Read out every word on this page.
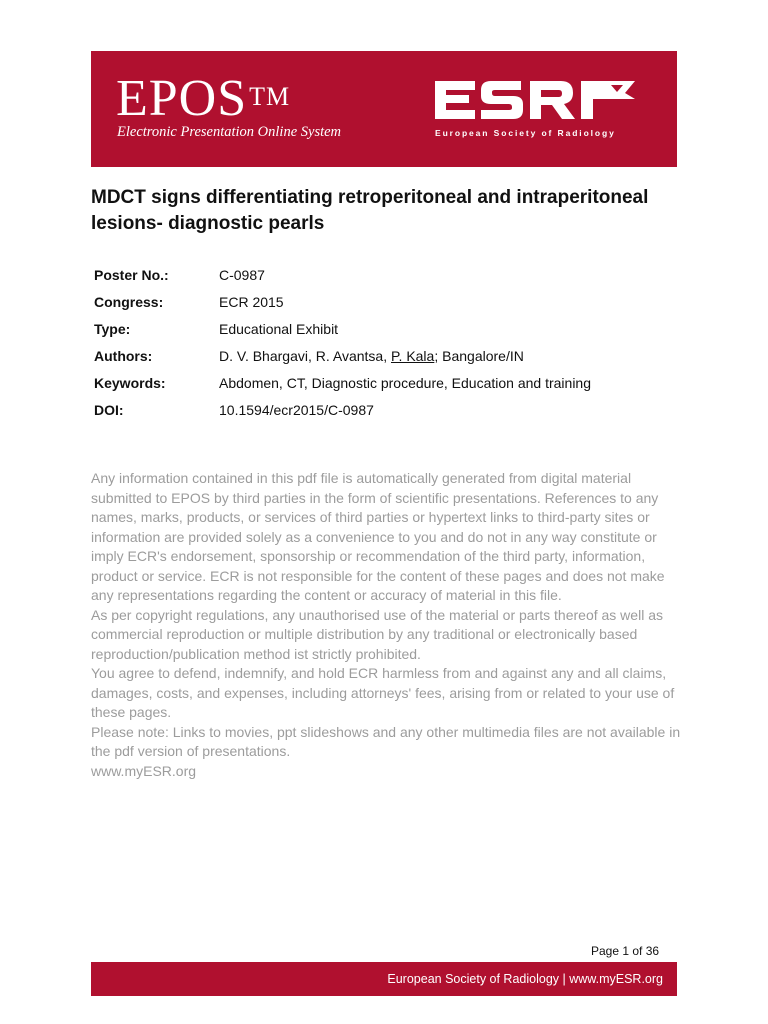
EPOS™
Electronic Presentation Online System	European Society of Radiology
MDCT signs differentiating retroperitoneal and intraperitoneal lesions- diagnostic pearls
Poster No.:	C-0987
Congress:	ECR 2015
Type:	Educational Exhibit
Authors:	D. V. Bhargavi, R. Avantsa, P. Kala; Bangalore/IN
Keywords:	Abdomen, CT, Diagnostic procedure, Education and training
DOI:	10.1594/ecr2015/C-0987

Any information contained in this pdf file is automatically generated from digital material submitted to EPOS by third parties in the form of scientific presentations. References to any names, marks, products, or services of third parties or hypertext links to third-party sites or information are provided solely as a convenience to you and do not in any way constitute or imply ECR's endorsement, sponsorship or recommendation of the third party, information, product or service. ECR is not responsible for the content of these pages and does not make any representations regarding the content or accuracy of material in this file.

As per copyright regulations, any unauthorised use of the material or parts thereof as well as commercial reproduction or multiple distribution by any traditional or electronically based reproduction/publication method ist strictly prohibited.

You agree to defend, indemnify, and hold ECR harmless from and against any and all claims, damages, costs, and expenses, including attorneys' fees, arising from or related to your use of these pages.

Please note: Links to movies, ppt slideshows and any other multimedia files are not available in the pdf version of presentations.

www.myESR.org

Page 1 of 36
European Society of Radiology | www.myESR.org
